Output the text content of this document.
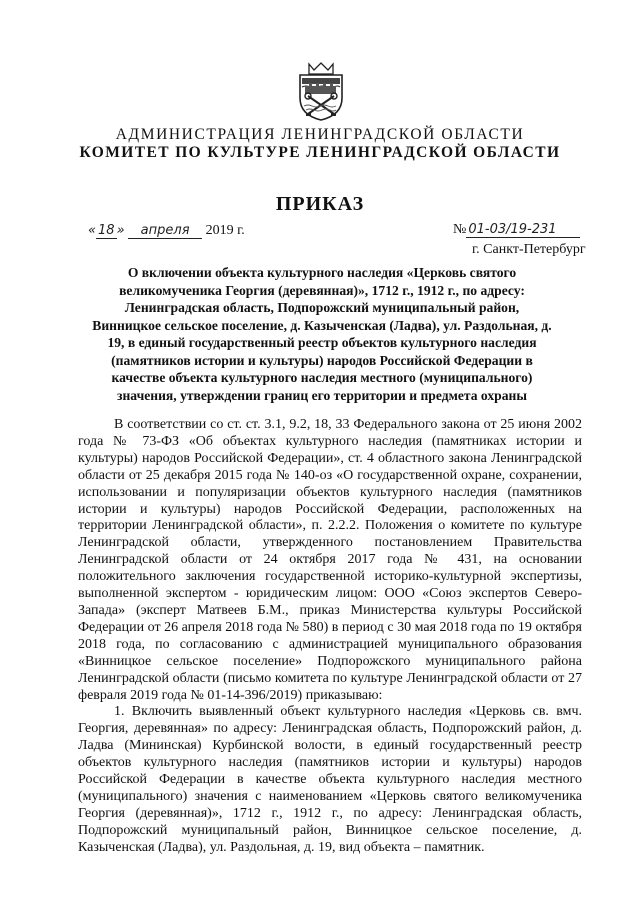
АДМИНИСТРАЦИЯ ЛЕНИНГРАДСКОЙ ОБЛАСТИ
КОМИТЕТ ПО КУЛЬТУРЕ ЛЕНИНГРАДСКОЙ ОБЛАСТИ
ПРИКАЗ
« 18 » апреля 2019 г.	№ 01-03/19-231
г. Санкт-Петербург
О включении объекта культурного наследия «Церковь святого великомученика Георгия (деревянная)», 1712 г., 1912 г., по адресу: Ленинградская область, Подпорожский муниципальный район, Винницкое сельское поселение, д. Казыченская (Ладва), ул. Раздольная, д. 19, в единый государственный реестр объектов культурного наследия (памятников истории и культуры) народов Российской Федерации в качестве объекта культурного наследия местного (муниципального) значения, утверждении границ его территории и предмета охраны

В соответствии со ст. ст. 3.1, 9.2, 18, 33 Федерального закона от 25 июня 2002 года № 73-ФЗ «Об объектах культурного наследия (памятниках истории и культуры) народов Российской Федерации», ст. 4 областного закона Ленинградской области от 25 декабря 2015 года № 140-оз «О государственной охране, сохранении, использовании и популяризации объектов культурного наследия (памятников истории и культуры) народов Российской Федерации, расположенных на территории Ленинградской области», п. 2.2.2. Положения о комитете по культуре Ленинградской области, утвержденного постановлением Правительства Ленинградской области от 24 октября 2017 года № 431, на основании положительного заключения государственной историко-культурной экспертизы, выполненной экспертом - юридическим лицом: ООО «Союз экспертов Северо-Запада» (эксперт Матвеев Б.М., приказ Министерства культуры Российской Федерации от 26 апреля 2018 года № 580) в период с 30 мая 2018 года по 19 октября 2018 года, по согласованию с администрацией муниципального образования «Винницкое сельское поселение» Подпорожского муниципального района Ленинградской области (письмо комитета по культуре Ленинградской области от 27 февраля 2019 года № 01-14-396/2019) приказываю:

1. Включить выявленный объект культурного наследия «Церковь св. вмч. Георгия, деревянная» по адресу: Ленинградская область, Подпорожский район, д. Ладва (Мининская) Курбинской волости, в единый государственный реестр объектов культурного наследия (памятников истории и культуры) народов Российской Федерации в качестве объекта культурного наследия местного (муниципального) значения с наименованием «Церковь святого великомученика Георгия (деревянная)», 1712 г., 1912 г., по адресу: Ленинградская область, Подпорожский муниципальный район, Винницкое сельское поселение, д. Казыченская (Ладва), ул. Раздольная, д. 19, вид объекта – памятник.
